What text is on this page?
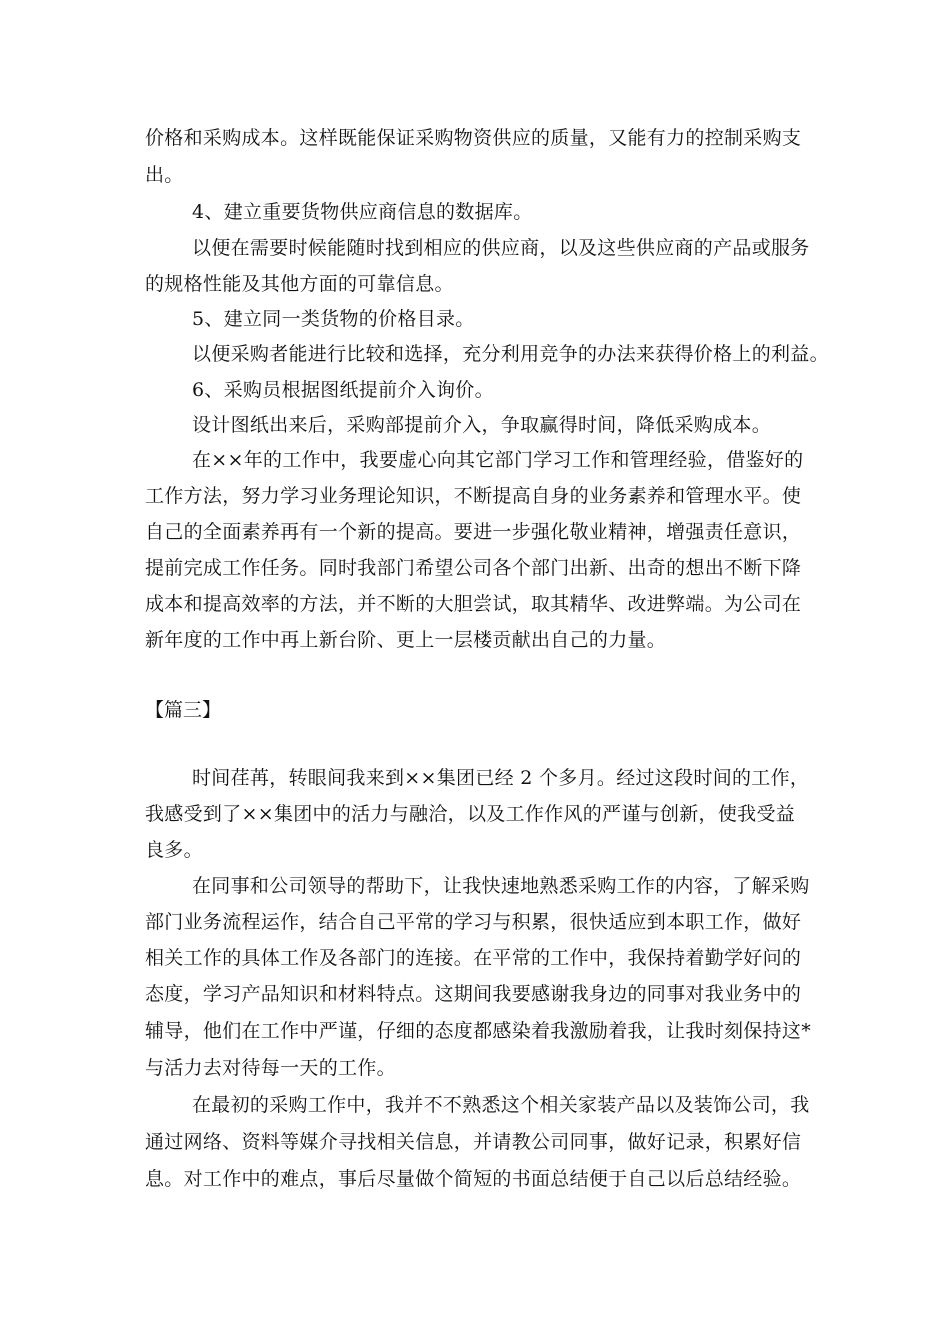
价格和采购成本。这样既能保证采购物资供应的质量，又能有力的控制采购支
出。
4、建立重要货物供应商信息的数据库。
以便在需要时候能随时找到相应的供应商，以及这些供应商的产品或服务
的规格性能及其他方面的可靠信息。
5、建立同一类货物的价格目录。
以便采购者能进行比较和选择，充分利用竞争的办法来获得价格上的利益。
6、采购员根据图纸提前介入询价。
设计图纸出来后，采购部提前介入，争取赢得时间，降低采购成本。
在××年的工作中，我要虚心向其它部门学习工作和管理经验，借鉴好的
工作方法，努力学习业务理论知识，不断提高自身的业务素养和管理水平。使
自己的全面素养再有一个新的提高。要进一步强化敬业精神，增强责任意识，
提前完成工作任务。同时我部门希望公司各个部门出新、出奇的想出不断下降
成本和提高效率的方法，并不断的大胆尝试，取其精华、改进弊端。为公司在
新年度的工作中再上新台阶、更上一层楼贡献出自己的力量。
【篇三】
时间荏苒，转眼间我来到××集团已经 2 个多月。经过这段时间的工作，
我感受到了××集团中的活力与融洽，以及工作作风的严谨与创新，使我受益
良多。
在同事和公司领导的帮助下，让我快速地熟悉采购工作的内容，了解采购
部门业务流程运作，结合自己平常的学习与积累，很快适应到本职工作，做好
相关工作的具体工作及各部门的连接。在平常的工作中，我保持着勤学好问的
态度，学习产品知识和材料特点。这期间我要感谢我身边的同事对我业务中的
辅导，他们在工作中严谨，仔细的态度都感染着我激励着我，让我时刻保持这*
与活力去对待每一天的工作。
在最初的采购工作中，我并不不熟悉这个相关家装产品以及装饰公司，我
通过网络、资料等媒介寻找相关信息，并请教公司同事，做好记录，积累好信
息。对工作中的难点，事后尽量做个简短的书面总结便于自己以后总结经验。
